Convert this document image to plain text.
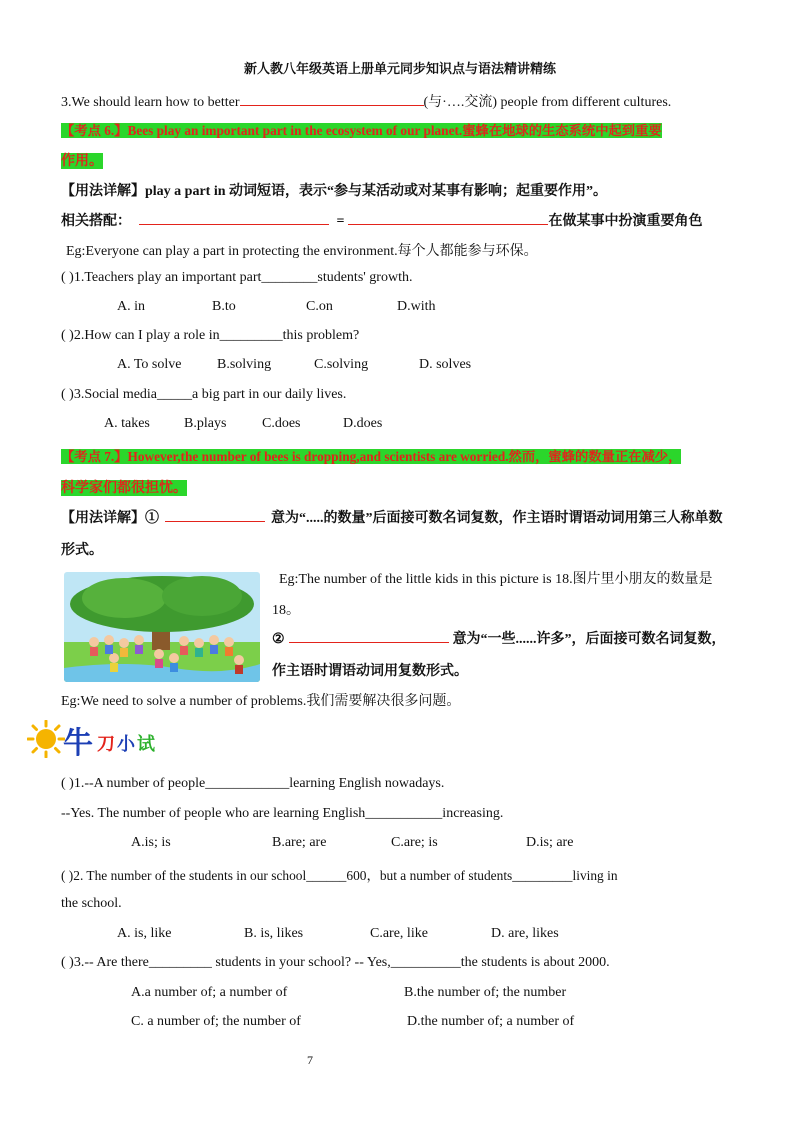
新人教八年级英语上册单元同步知识点与语法精讲精练
3.We should learn how to better	(与·….交流) people from different cultures.
【考点 6.】Bees play an important part in the ecosystem of our planet.蜜蜂在地球的生态系统中起到重要
作用。
【用法详解】play a part in 动词短语，表示“参与某活动或对某事有影响；起重要作用”。
相关搭配：	=	在做某事中扮演重要角色
Eg:Everyone can play a part in protecting the environment.每个人都能参与环保。
( )1.Teachers play an important part________students' growth.
A. in	B.to	C.on	D.with
( )2.How can I play a role in_________this problem?
A. To solve	B.solving	C.solving	D. solves
( )3.Social media_____a big part in our daily lives.
A. takes B.plays	C.does	D.does
【考点 7.】However,the number of bees is dropping,and scientists are worried.然而，蜜蜂的数量正在减少，
科学家们都很担忧。
【用法详解】①	意为“.....的数量”后面接可数名词复数，作主语时谓语动词用第三人称单数
形式。
Eg:The number of the little kids in this picture is 18.图片里小朋友的数量是
18。
②	意为“一些......许多”，后面接可数名词复数，
作主语时谓语动词用复数形式。
Eg:We need to solve a number of problems.我们需要解决很多问题。
牛 刀 小 试
( )1.--A number of people____________learning English nowadays.
--Yes. The number of people who are learning English___________increasing.
A.is; is	B.are; are	C.are; is	D.is; are
( )2. The number of the students in our school______600，but a number of students_________living in
the school.
A. is, like	B. is, likes	C.are, like	D. are, likes
( )3.-- Are there_________ students in your school? -- Yes,__________the students is about 2000.
A.a number of; a number of	B.the number of; the number
C. a number of; the number of	D.the number of; a number of
7
